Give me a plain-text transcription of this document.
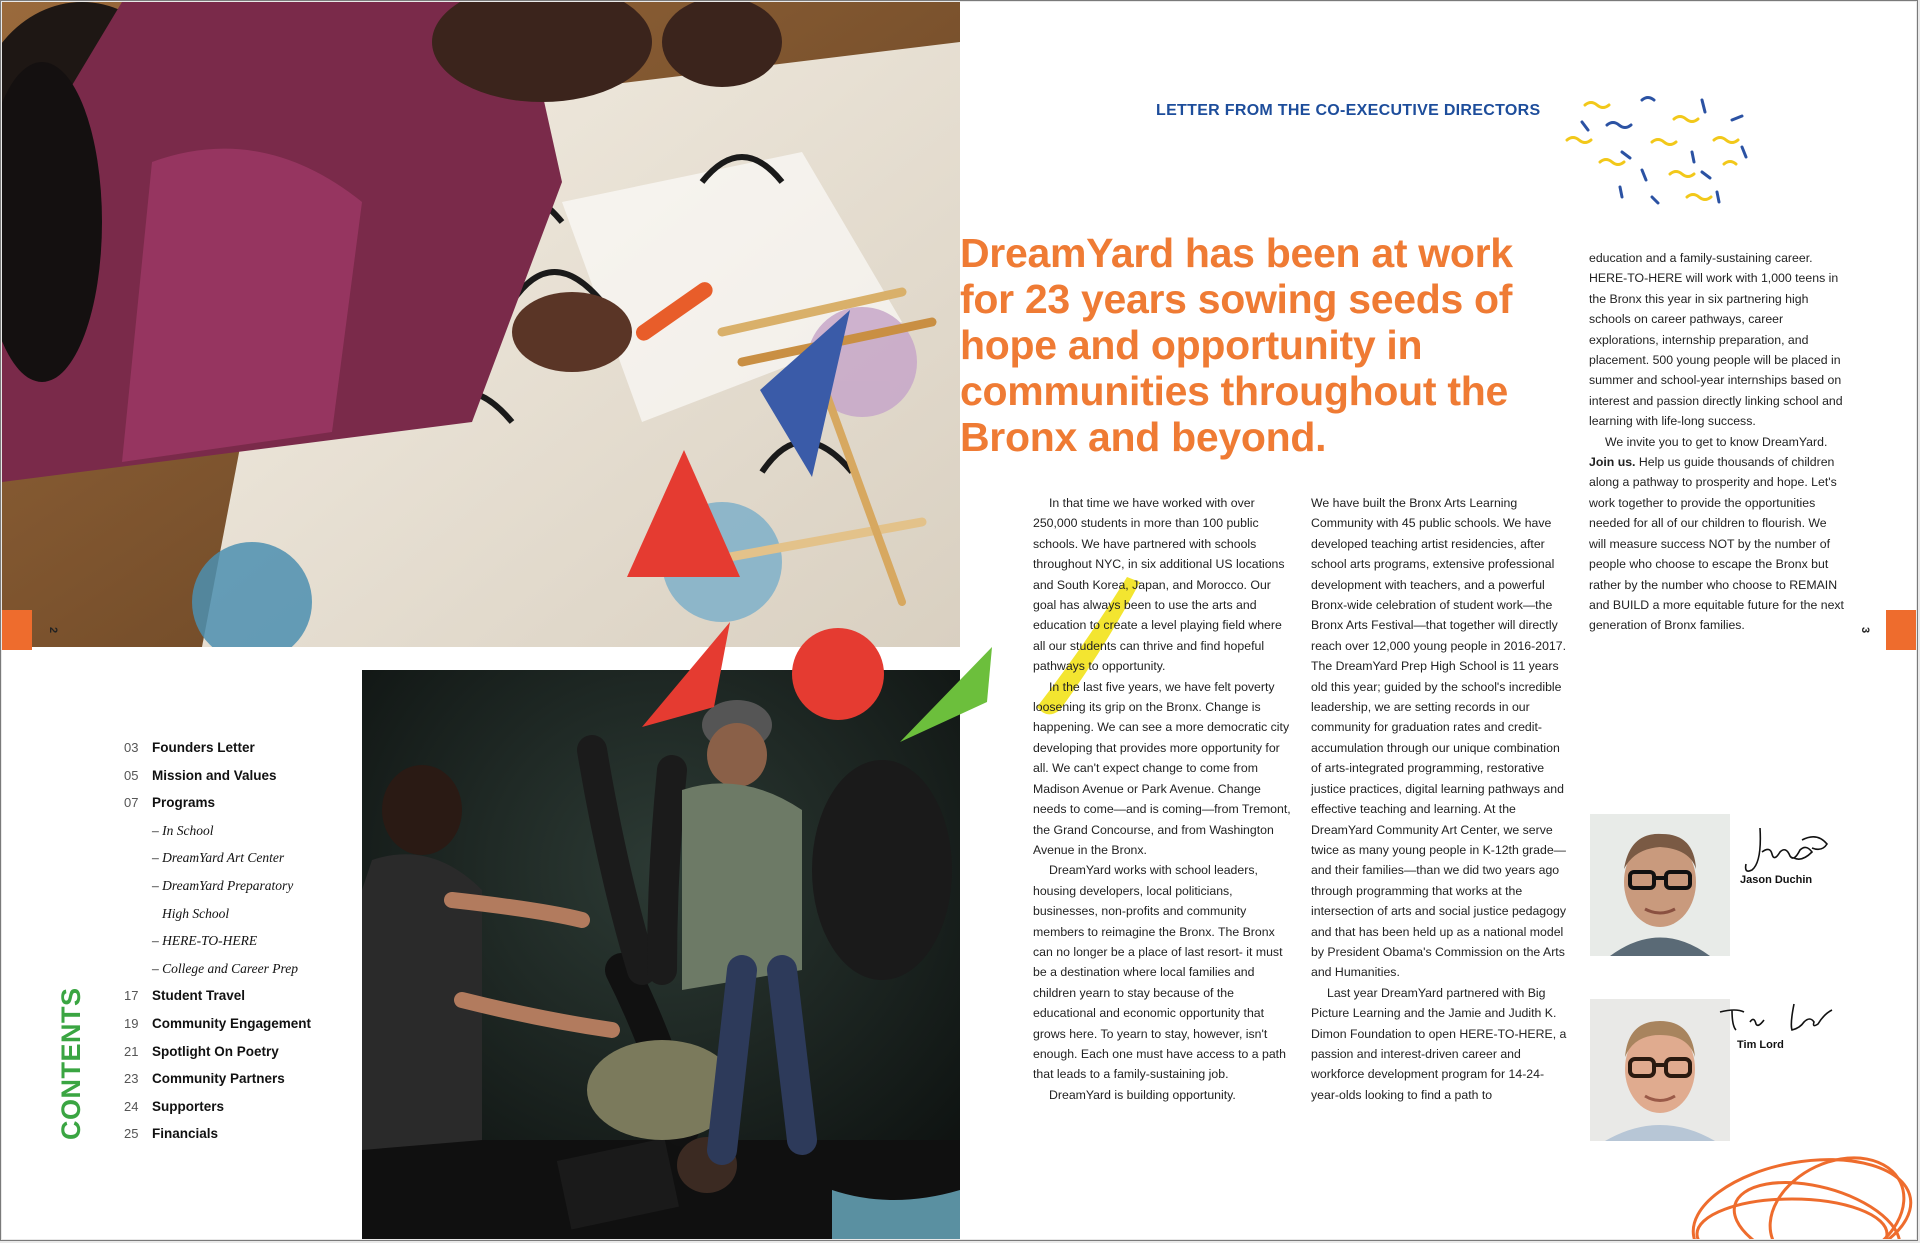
2	3
CONTENTS
03	Founders Letter
05	Mission and Values
07	Programs
– In School
– DreamYard Art Center
– DreamYard Preparatory
High School
– HERE-TO-HERE
– College and Career Prep
17	Student Travel
19	Community Engagement
21	Spotlight On Poetry
23	Community Partners
24	Supporters
25	Financials
LETTER FROM THE CO-EXECUTIVE DIRECTORS
DreamYard has been at work for 23 years sowing seeds of hope and opportunity in communities throughout the Bronx and beyond.

In that time we have worked with over 250,000 students in more than 100 public schools. We have partnered with schools throughout NYC, in six additional US locations and South Korea, Japan, and Morocco. Our goal has always been to use the arts and education to create a level playing field where all our students can thrive and find hopeful pathways to opportunity.

In the last five years, we have felt poverty loosening its grip on the Bronx. Change is happening. We can see a more democratic city developing that provides more opportunity for all. We can't expect change to come from Madison Avenue or Park Avenue. Change needs to come—and is coming—from Tremont, the Grand Concourse, and from Washington Avenue in the Bronx.

DreamYard works with school leaders, housing developers, local politicians, businesses, non-profits and community members to reimagine the Bronx. The Bronx can no longer be a place of last resort- it must be a destination where local families and children yearn to stay because of the educational and economic opportunity that grows here. To yearn to stay, however, isn't enough. Each one must have access to a path that leads to a family-sustaining job.

DreamYard is building opportunity.

We have built the Bronx Arts Learning Community with 45 public schools. We have developed teaching artist residencies, after school arts programs, extensive professional development with teachers, and a powerful Bronx-wide celebration of student work—the Bronx Arts Festival—that together will directly reach over 12,000 young people in 2016-2017. The DreamYard Prep High School is 11 years old this year; guided by the school's incredible leadership, we are setting records in our community for graduation rates and credit-accumulation through our unique combination of arts-integrated programming, restorative justice practices, digital learning pathways and effective teaching and learning. At the DreamYard Community Art Center, we serve twice as many young people in K-12th grade—and their families—than we did two years ago through programming that works at the intersection of arts and social justice pedagogy and that has been held up as a national model by President Obama's Commission on the Arts and Humanities.

Last year DreamYard partnered with Big Picture Learning and the Jamie and Judith K. Dimon Foundation to open HERE-TO-HERE, a passion and interest-driven career and workforce development program for 14-24-year-olds looking to find a path to

education and a family-sustaining career. HERE-TO-HERE will work with 1,000 teens in the Bronx this year in six partnering high schools on career pathways, career explorations, internship preparation, and placement. 500 young people will be placed in summer and school-year internships based on interest and passion directly linking school and learning with life-long success.

We invite you to get to know DreamYard.

Join us. Help us guide thousands of children along a pathway to prosperity and hope. Let's work together to provide the opportunities needed for all of our children to flourish. We will measure success NOT by the number of people who choose to escape the Bronx but rather by the number who choose to REMAIN and BUILD a more equitable future for the next generation of Bronx families.

Jason Duchin
Tim Lord
